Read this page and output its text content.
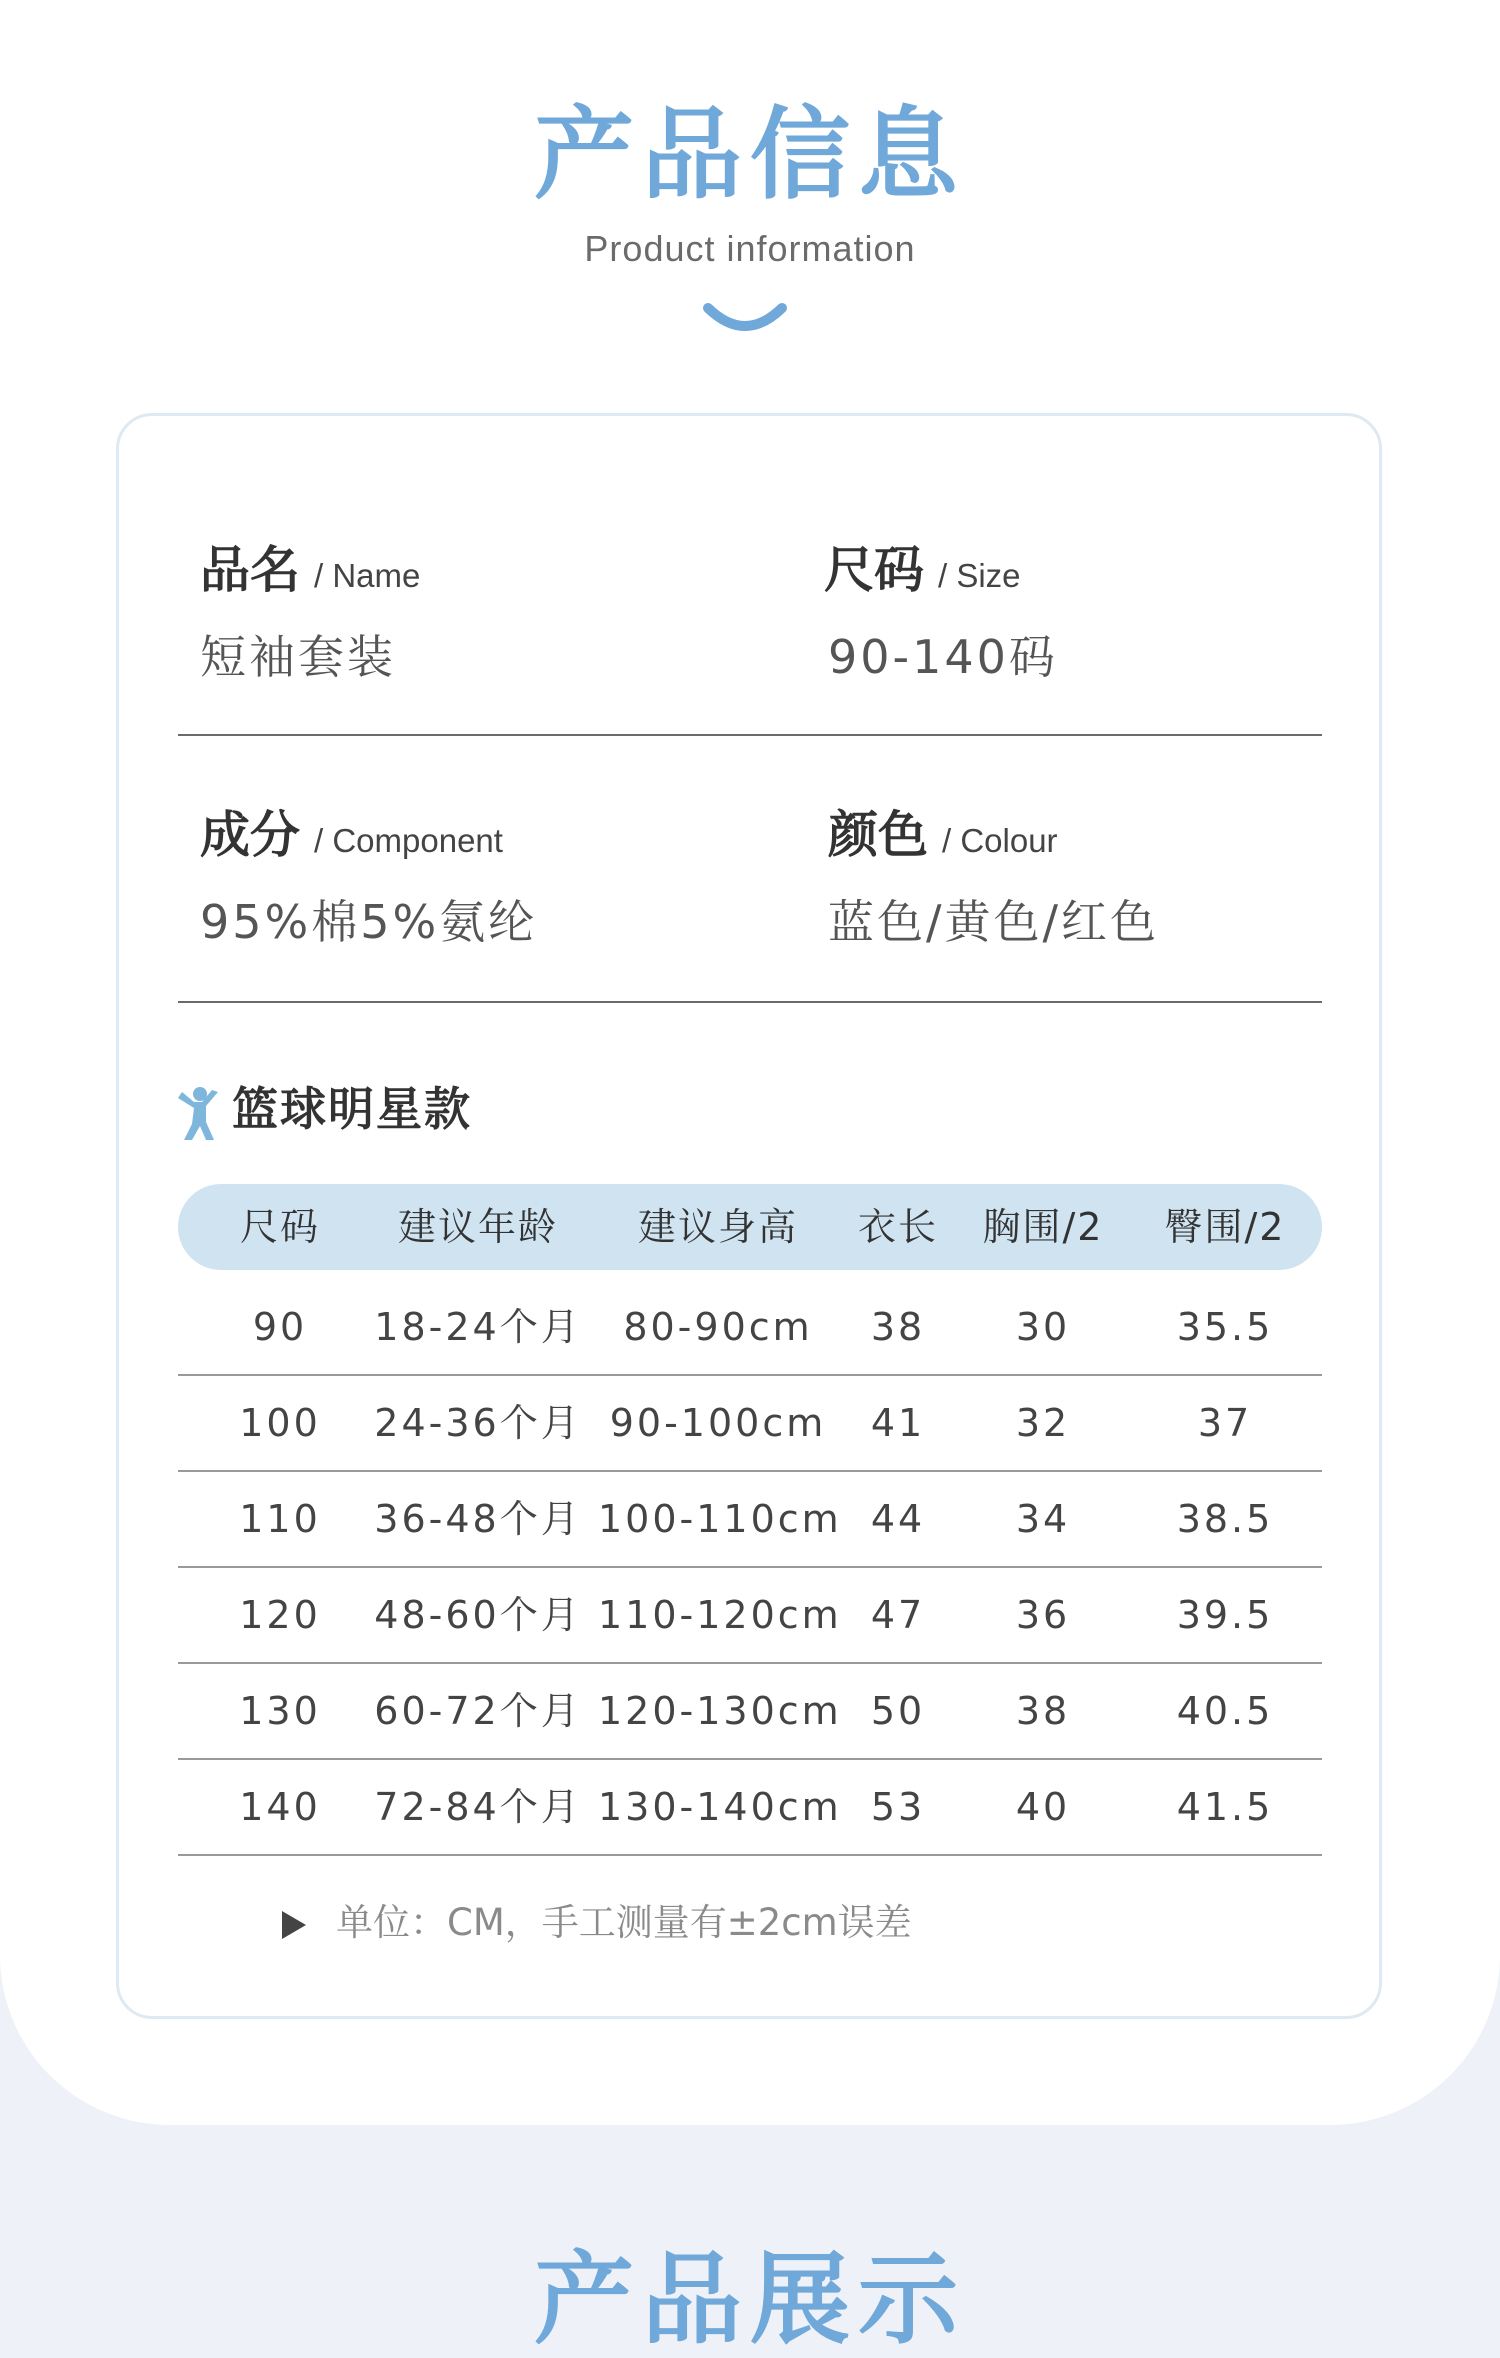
产品信息
Product information
品名 / Name
短袖套装
尺码 / Size
90-140码
成分 / Component
95%棉5%氨纶
颜色 / Colour
蓝色/黄色/红色
篮球明星款
尺码	建议年龄	建议身高	衣长	胸围/2	臀围/2
90	18-24个月	80-90cm	38	30	35.5
100	24-36个月 90-100cm	41	32	37
110	36-48个月 100-110cm 44	34	38.5
120	48-60个月 110-120cm 47	36	39.5
130	60-72个月 120-130cm 50	38	40.5
140	72-84个月 130-140cm 53	40	41.5
单位：CM，手工测量有±2cm误差
产品展示
